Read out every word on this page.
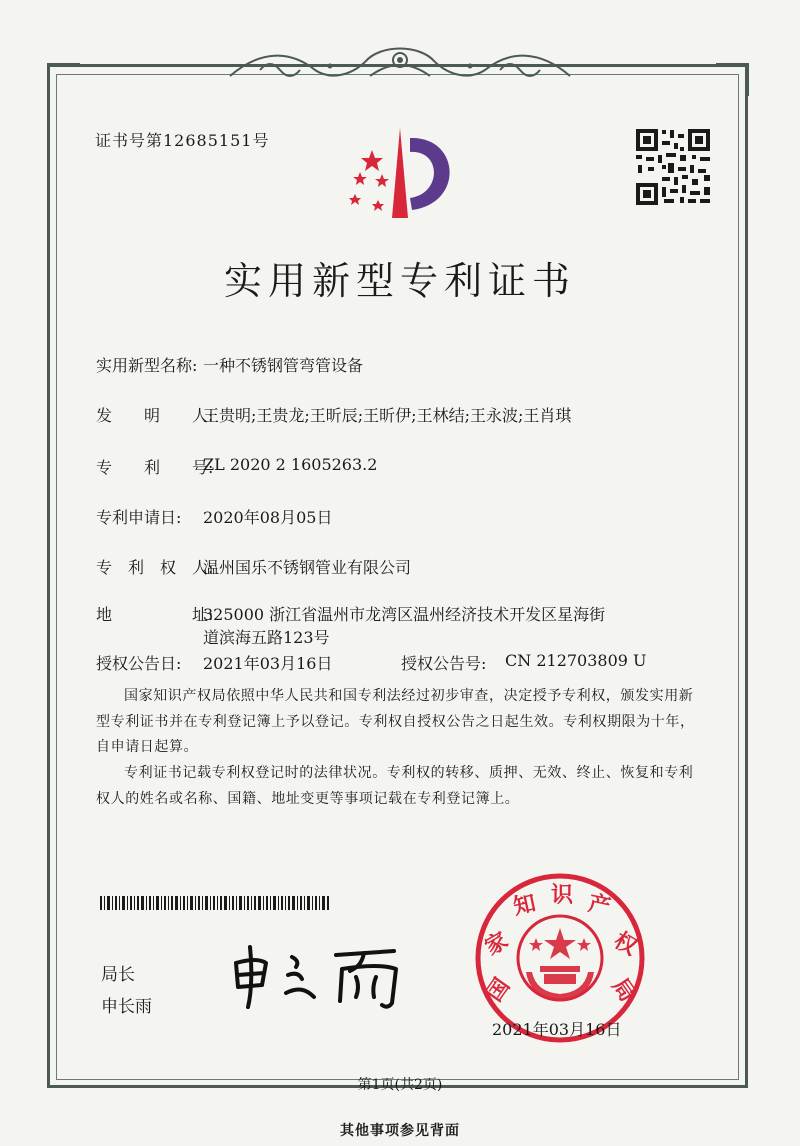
证书号第12685151号
实用新型专利证书
实用新型名称: 一种不锈钢管弯管设备
发　　明　　人:
王贵明;王贵龙;王昕辰;王昕伊;王林结;王永波;王肖琪
专　　利　　号:
ZL 2020 2 1605263.2
专利申请日: 2020年08月05日
专　利　权　人:
温州国乐不锈钢管业有限公司
地　　　　　址:
325000 浙江省温州市龙湾区温州经济技术开发区星海街
道滨海五路123号
授权公告日: 2021年03月16日	授权公告号: CN 212703809 U
国家知识产权局依照中华人民共和国专利法经过初步审查，决定授予专利权，颁发实用新型专利证书并在专利登记簿上予以登记。专利权自授权公告之日起生效。专利权期限为十年，自申请日起算。
专利证书记载专利权登记时的法律状况。专利权的转移、质押、无效、终止、恢复和专利权人的姓名或名称、国籍、地址变更等事项记载在专利登记簿上。
局长
申长雨
国
家
知 识 产
权
局
2021年03月16日
第1页(共2页)
其他事项参见背面
